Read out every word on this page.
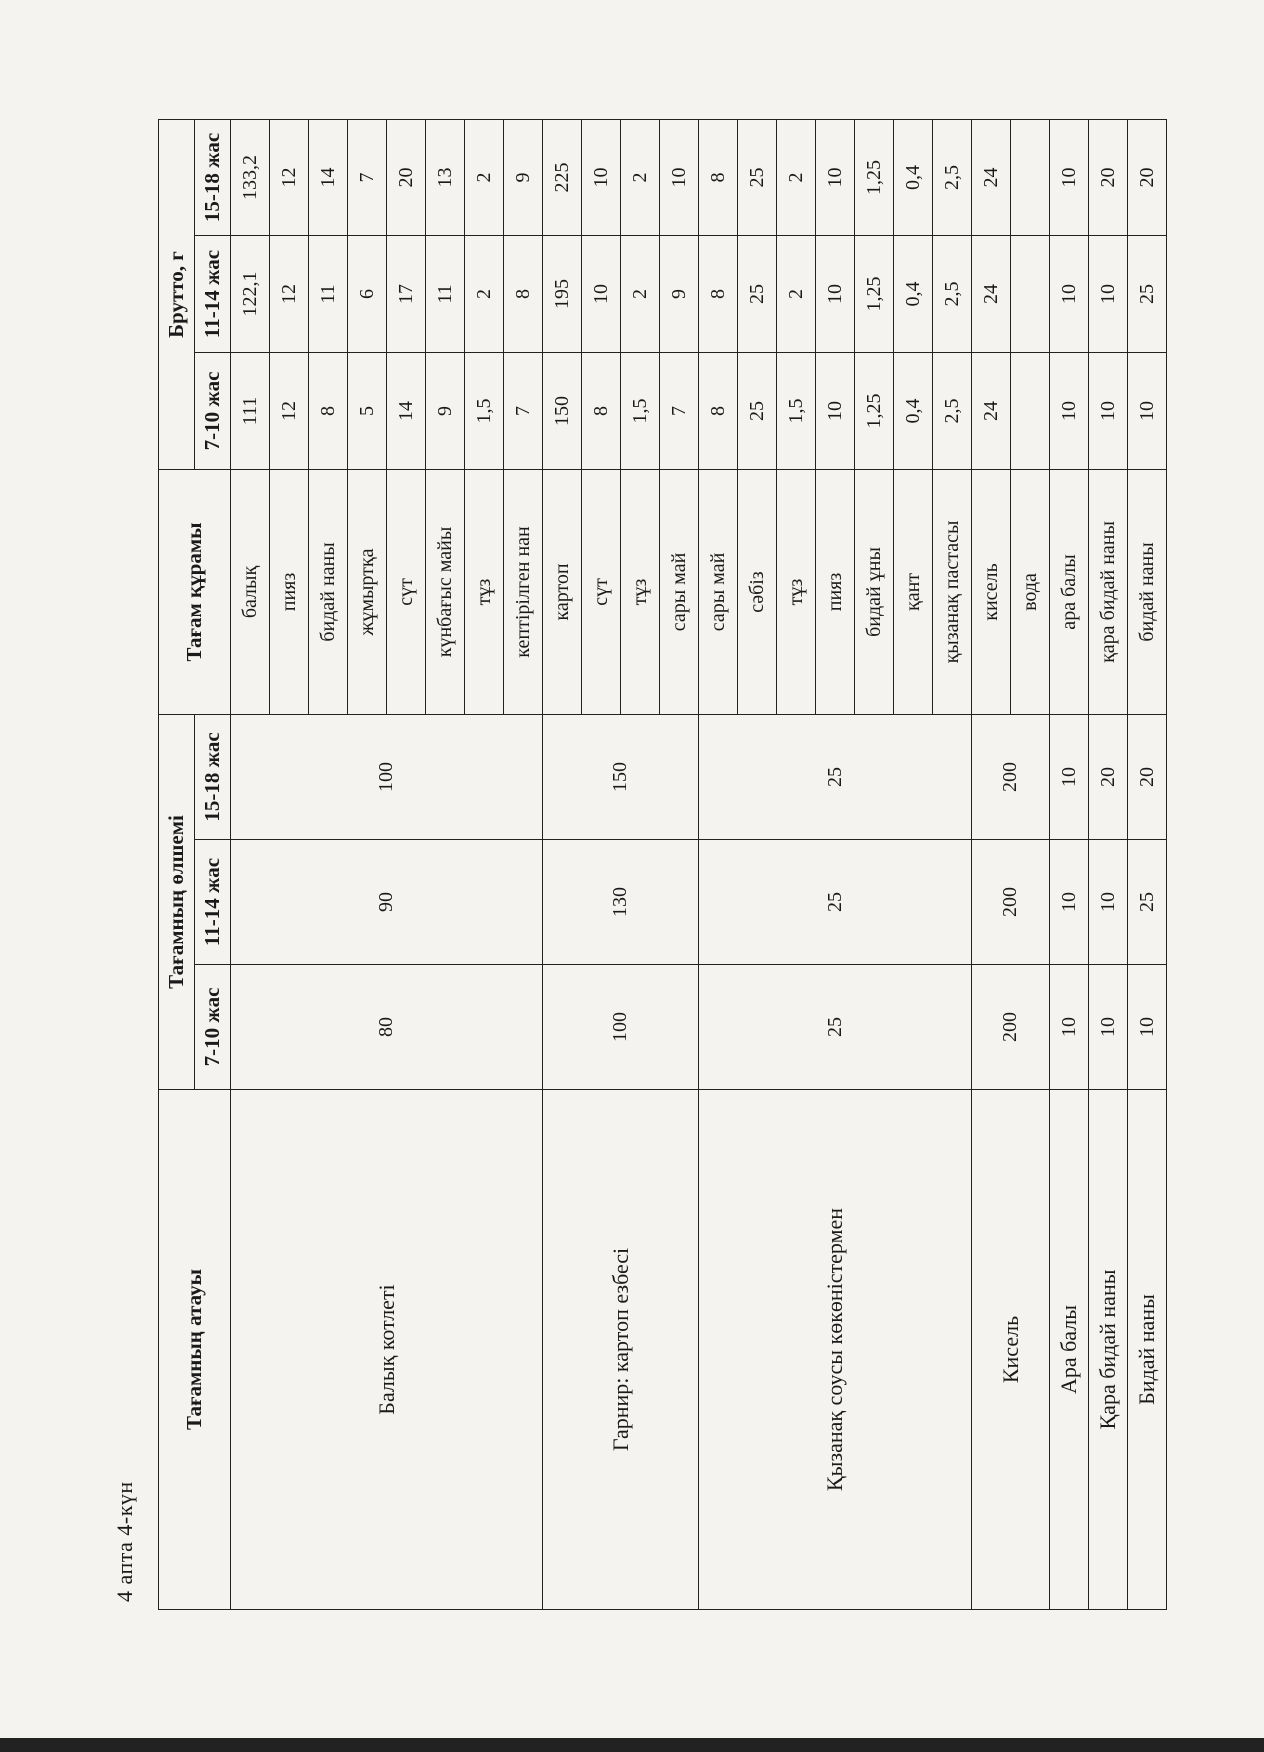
4 апта 4-күн
Тағамның атауы	Тағамның өлшемі			Тағам құрамы	Брутто, г		
	7-10 жас	11-14 жас	15-18 жас		7-10 жас	11-14 жас	15-18 жас
Балық котлеті	80	90	100	балық	111	122,1	133,2
				пияз	12	12	12
				бидай наны	8	11	14
				жұмыртқа	5	6	7
				сүт	14	17	20
				күнбағыс майы	9	11	13
				тұз	1,5	2	2
				кептірілген нан	7	8	9
Гарнир: картоп езбесі	100	130	150	картоп	150	195	225
				сүт	8	10	10
				тұз	1,5	2	2
				сары май	7	9	10
Қызанақ соусы көкөністермен	25	25	25	сары май	8	8	8
				сәбіз	25	25	25
				тұз	1,5	2	2
				пияз	10	10	10
				бидай ұны	1,25	1,25	1,25
				қант	0,4	0,4	0,4
				қызанақ пастасы	2,5	2,5	2,5
Кисель	200	200	200	кисель	24	24	24
				вода			
Ара балы	10	10	10	ара балы	10	10	10
Қара бидай наны	10	10	20	қара бидай наны	10	10	20
Бидай наны	10	25	20	бидай наны	10	25	20
